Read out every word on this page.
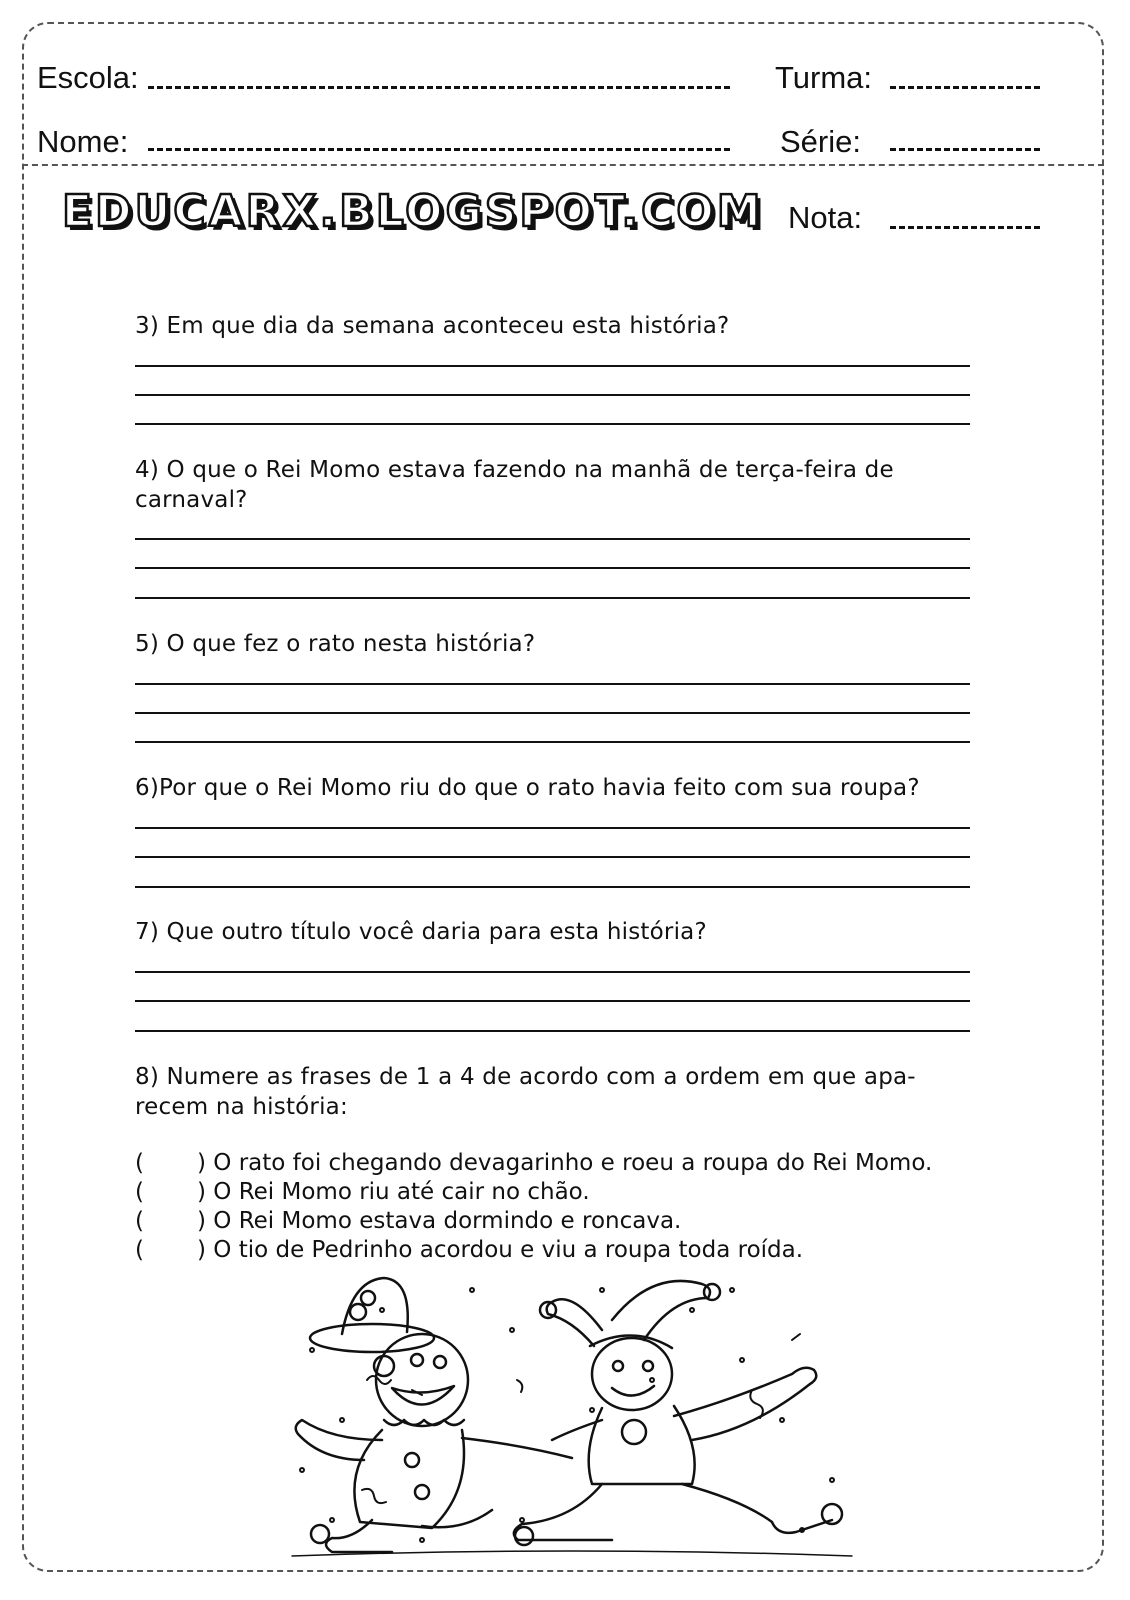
Escola:	Turma:
Nome:	Série:
EDUCARX.BLOGSPOT.COM Nota:
3) Em que dia da semana aconteceu esta história?
4) O que o Rei Momo estava fazendo na manhã de terça-feira de carnaval?
5) O que fez o rato nesta história?
6)Por que o Rei Momo riu do que o rato havia feito com sua roupa?
7) Que outro título você daria para esta história?
8) Numere as frases de 1 a 4 de acordo com a ordem em que apa-recem na história:
( ) O rato foi chegando devagarinho e roeu a roupa do Rei Momo.
( ) O Rei Momo riu até cair no chão.
( ) O Rei Momo estava dormindo e roncava.
( ) O tio de Pedrinho acordou e viu a roupa toda roída.
